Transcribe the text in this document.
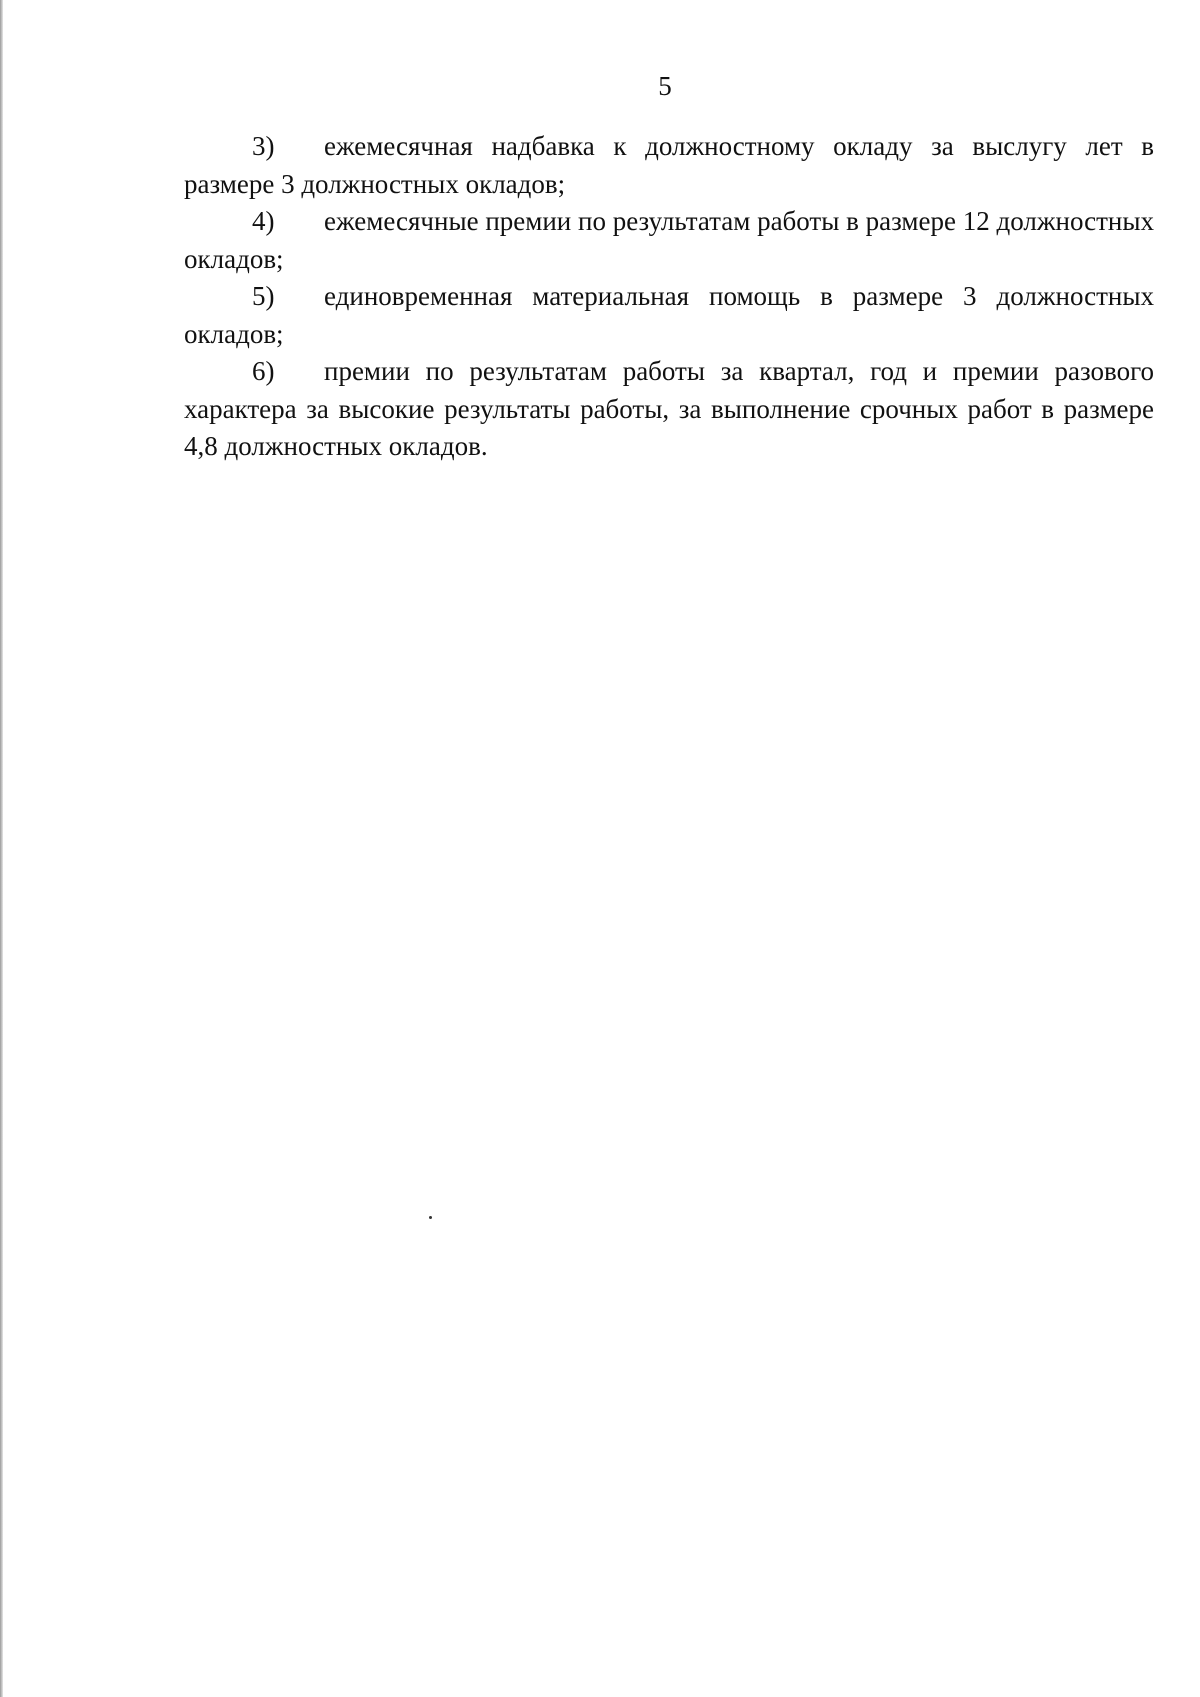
5

3) ежемесячная надбавка к должностному окладу за выслугу лет в размере 3 должностных окладов;

4) ежемесячные премии по результатам работы в размере 12 должностных окладов;

5) единовременная материальная помощь в размере 3 должностных окладов;

6) премии по результатам работы за квартал, год и премии разового характера за высокие результаты работы, за выполнение срочных работ в размере 4,8 должностных окладов.
